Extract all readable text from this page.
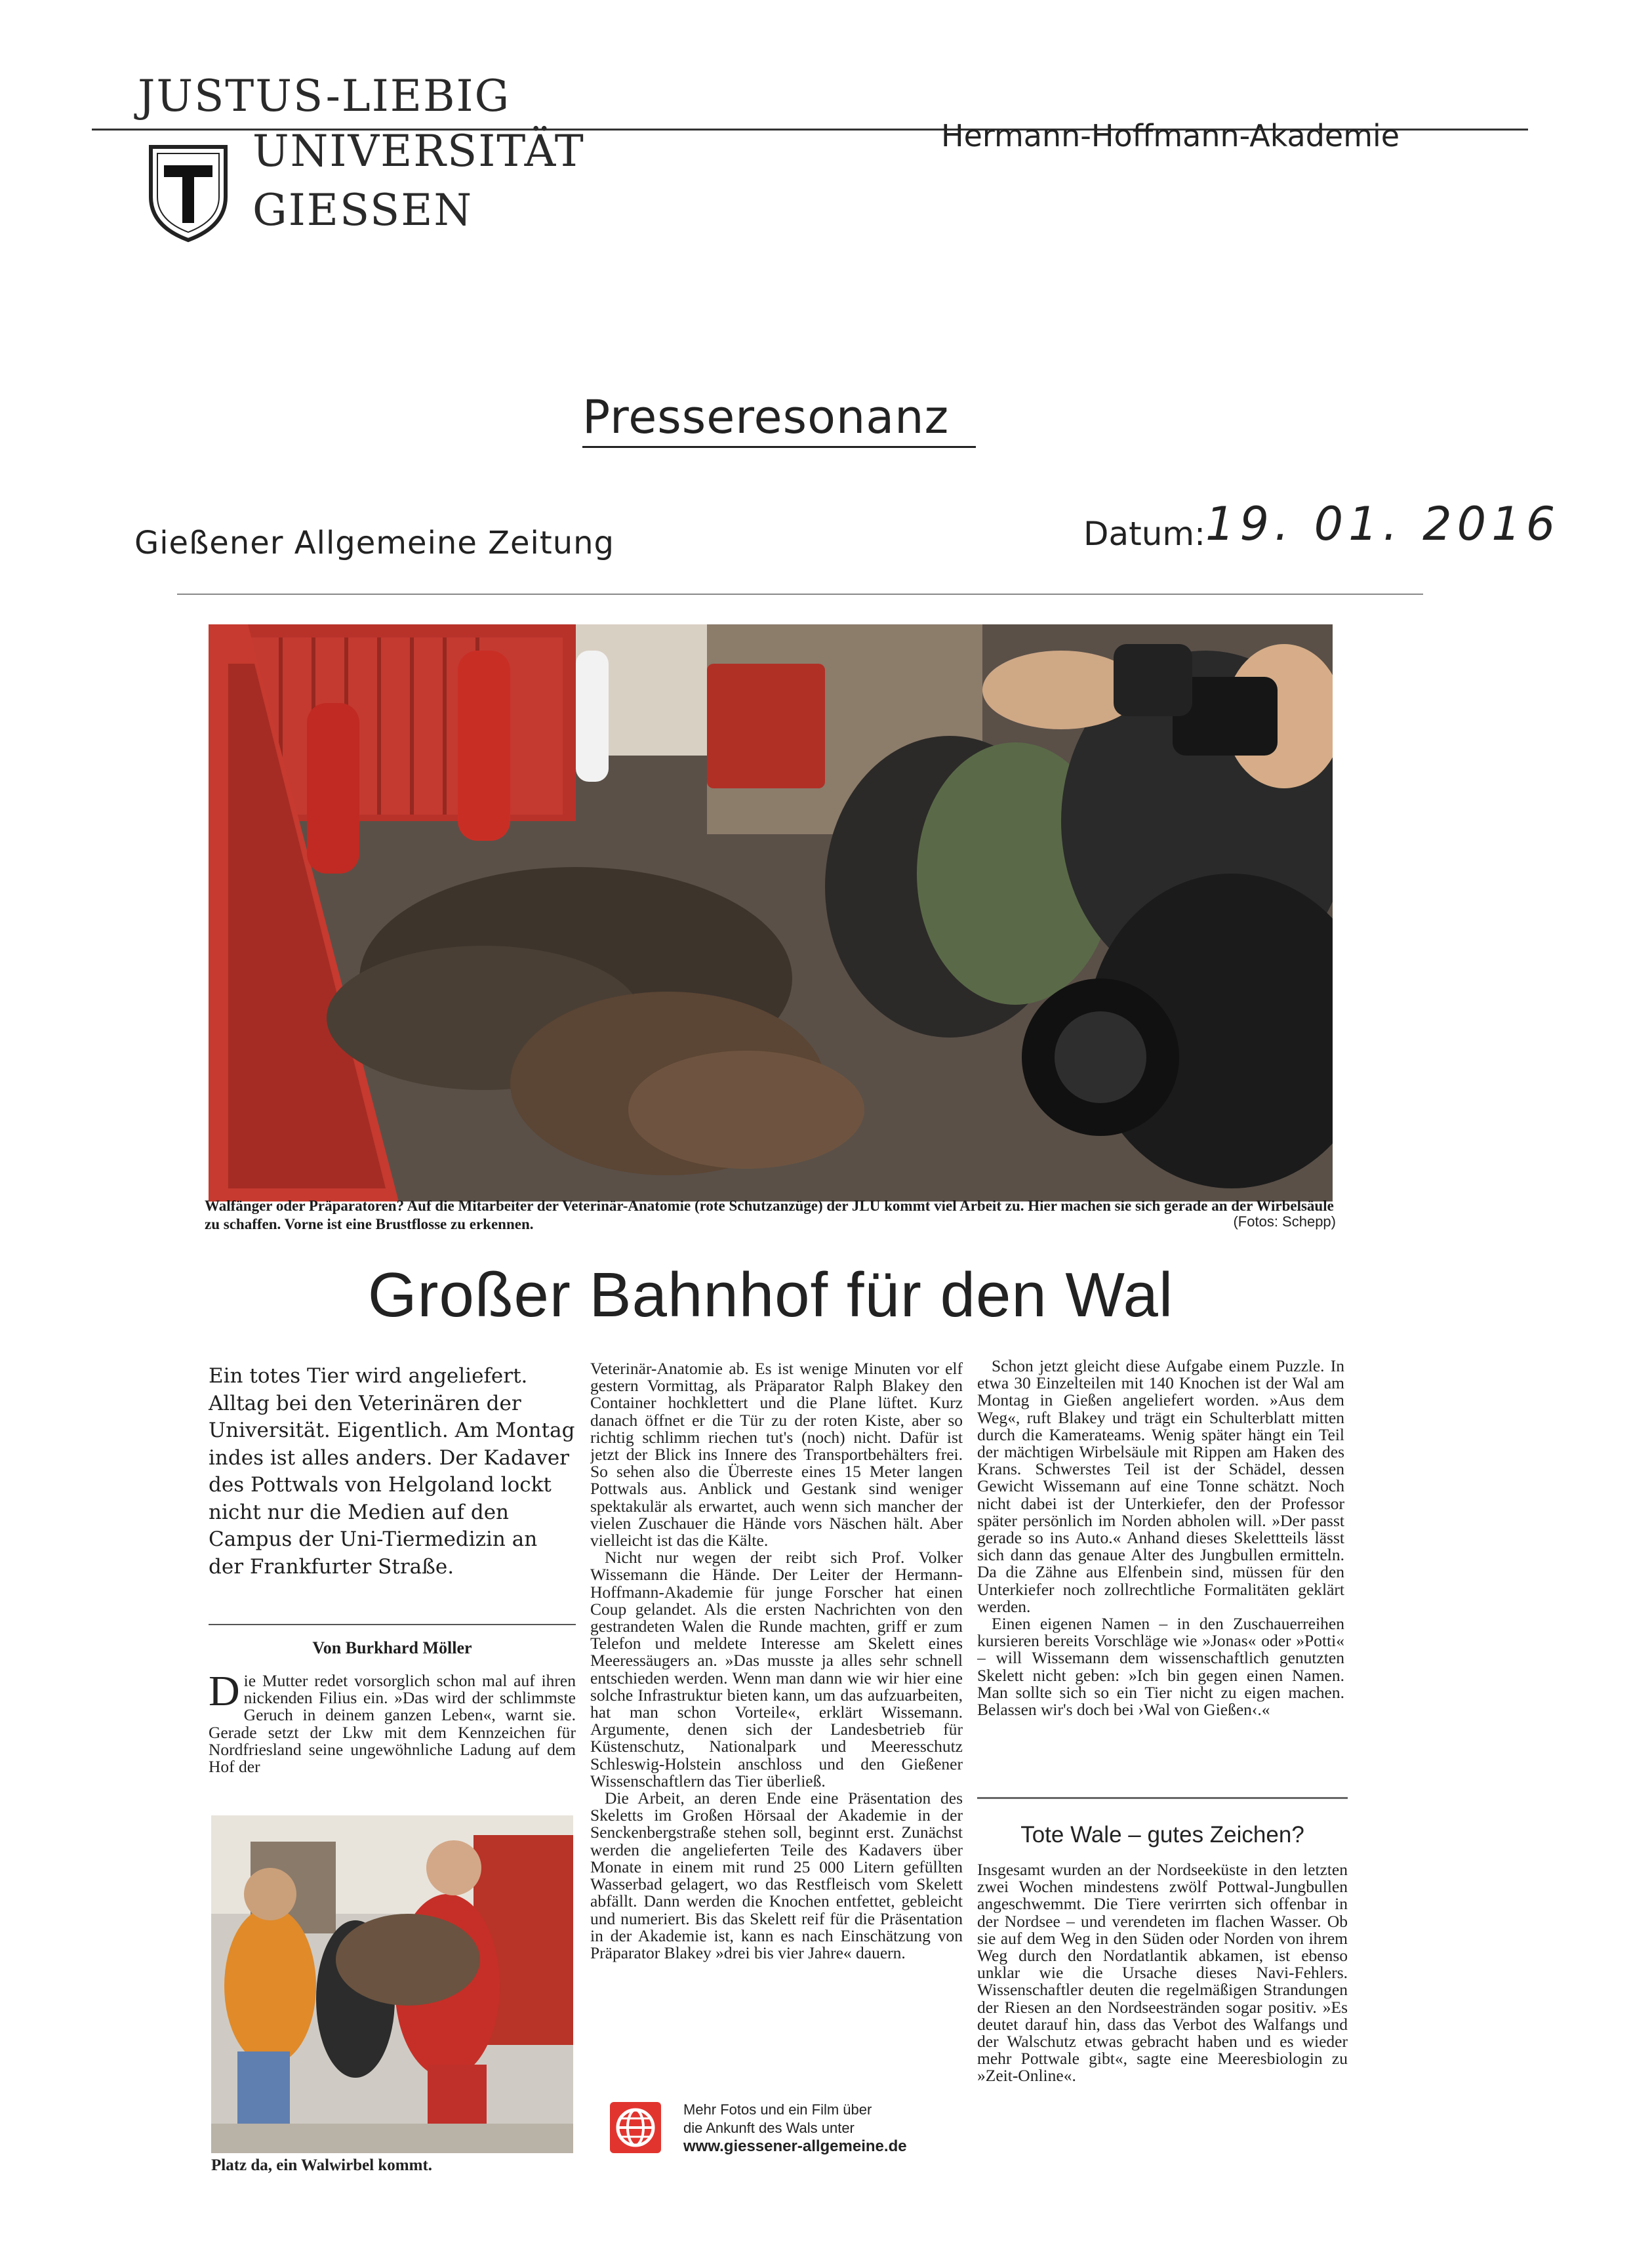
JUSTUS-LIEBIG
UNIVERSITÄT
GIESSEN
Hermann-Hoffmann-Akademie
Presseresonanz
Gießener Allgemeine Zeitung	Datum: 19. 01. 2016
Walfänger oder Präparatoren? Auf die Mitarbeiter der Veterinär-Anatomie (rote Schutzanzüge) der JLU kommt viel Arbeit zu. Hier machen sie sich gerade an der Wirbelsäule zu schaffen. Vorne ist eine Brustflosse zu erkennen.	(Fotos: Schepp)
Großer Bahnhof für den Wal

Ein totes Tier wird angeliefert. Alltag bei den Veterinären der Universität. Eigentlich. Am Montag indes ist alles anders. Der Kadaver des Pottwals von Helgoland lockt nicht nur die Medien auf den Campus der Uni-Tiermedizin an der Frankfurter Straße.

Von Burkhard Möller

Die Mutter redet vorsorglich schon mal auf ihren nickenden Filius ein. »Das wird der schlimmste Geruch in deinem ganzen Leben«, warnt sie. Gerade setzt der Lkw mit dem Kennzeichen für Nordfriesland seine ungewöhnliche Ladung auf dem Hof der

Platz da, ein Walwirbel kommt.

Veterinär-Anatomie ab. Es ist wenige Minuten vor elf gestern Vormittag, als Präparator Ralph Blakey den Container hochklettert und die Plane lüftet. Kurz danach öffnet er die Tür zu der roten Kiste, aber so richtig schlimm riechen tut's (noch) nicht. Dafür ist jetzt der Blick ins Innere des Transportbehälters frei. So sehen also die Überreste eines 15 Meter langen Pottwals aus. Anblick und Gestank sind weniger spektakulär als erwartet, auch wenn sich mancher der vielen Zuschauer die Hände vors Näschen hält. Aber vielleicht ist das die Kälte.

Nicht nur wegen der reibt sich Prof. Volker Wissemann die Hände. Der Leiter der Hermann-Hoffmann-Akademie für junge Forscher hat einen Coup gelandet. Als die ersten Nachrichten von den gestrandeten Walen die Runde machten, griff er zum Telefon und meldete Interesse am Skelett eines Meeressäugers an. »Das musste ja alles sehr schnell entschieden werden. Wenn man dann wie wir hier eine solche Infrastruktur bieten kann, um das aufzuarbeiten, hat man schon Vorteile«, erklärt Wissemann. Argumente, denen sich der Landesbetrieb für Küstenschutz, Nationalpark und Meeresschutz Schleswig-Holstein anschloss und den Gießener Wissenschaftlern das Tier überließ.

Die Arbeit, an deren Ende eine Präsentation des Skeletts im Großen Hörsaal der Akademie in der Senckenbergstraße stehen soll, beginnt erst. Zunächst werden die angelieferten Teile des Kadavers über Monate in einem mit rund 25 000 Litern gefüllten Wasserbad gelagert, wo das Restfleisch vom Skelett abfällt. Dann werden die Knochen entfettet, gebleicht und numeriert. Bis das Skelett reif für die Präsentation in der Akademie ist, kann es nach Einschätzung von Präparator Blakey »drei bis vier Jahre« dauern.

Mehr Fotos und ein Film über
die Ankunft des Wals unter
www.giessener-allgemeine.de

Schon jetzt gleicht diese Aufgabe einem Puzzle. In etwa 30 Einzelteilen mit 140 Knochen ist der Wal am Montag in Gießen angeliefert worden. »Aus dem Weg«, ruft Blakey und trägt ein Schulterblatt mitten durch die Kamerateams. Wenig später hängt ein Teil der mächtigen Wirbelsäule mit Rippen am Haken des Krans. Schwerstes Teil ist der Schädel, dessen Gewicht Wissemann auf eine Tonne schätzt. Noch nicht dabei ist der Unterkiefer, den der Professor später persönlich im Norden abholen will. »Der passt gerade so ins Auto.« Anhand dieses Skelettteils lässt sich dann das genaue Alter des Jungbullen ermitteln. Da die Zähne aus Elfenbein sind, müssen für den Unterkiefer noch zollrechtliche Formalitäten geklärt werden.

Einen eigenen Namen – in den Zuschauerreihen kursieren bereits Vorschläge wie »Jonas« oder »Potti« – will Wissemann dem wissenschaftlich genutzten Skelett nicht geben: »Ich bin gegen einen Namen. Man sollte sich so ein Tier nicht zu eigen machen. Belassen wir's doch bei ›Wal von Gießen‹.«

Tote Wale – gutes Zeichen?

Insgesamt wurden an der Nordseeküste in den letzten zwei Wochen mindestens zwölf Pottwal-Jungbullen angeschwemmt. Die Tiere verirrten sich offenbar in der Nordsee – und verendeten im flachen Wasser. Ob sie auf dem Weg in den Süden oder Norden von ihrem Weg durch den Nordatlantik abkamen, ist ebenso unklar wie die Ursache dieses Navi-Fehlers. Wissenschaftler deuten die regelmäßigen Strandungen der Riesen an den Nordseestränden sogar positiv. »Es deutet darauf hin, dass das Verbot des Walfangs und der Walschutz etwas gebracht haben und es wieder mehr Pottwale gibt«, sagte eine Meeresbiologin zu »Zeit-Online«.
